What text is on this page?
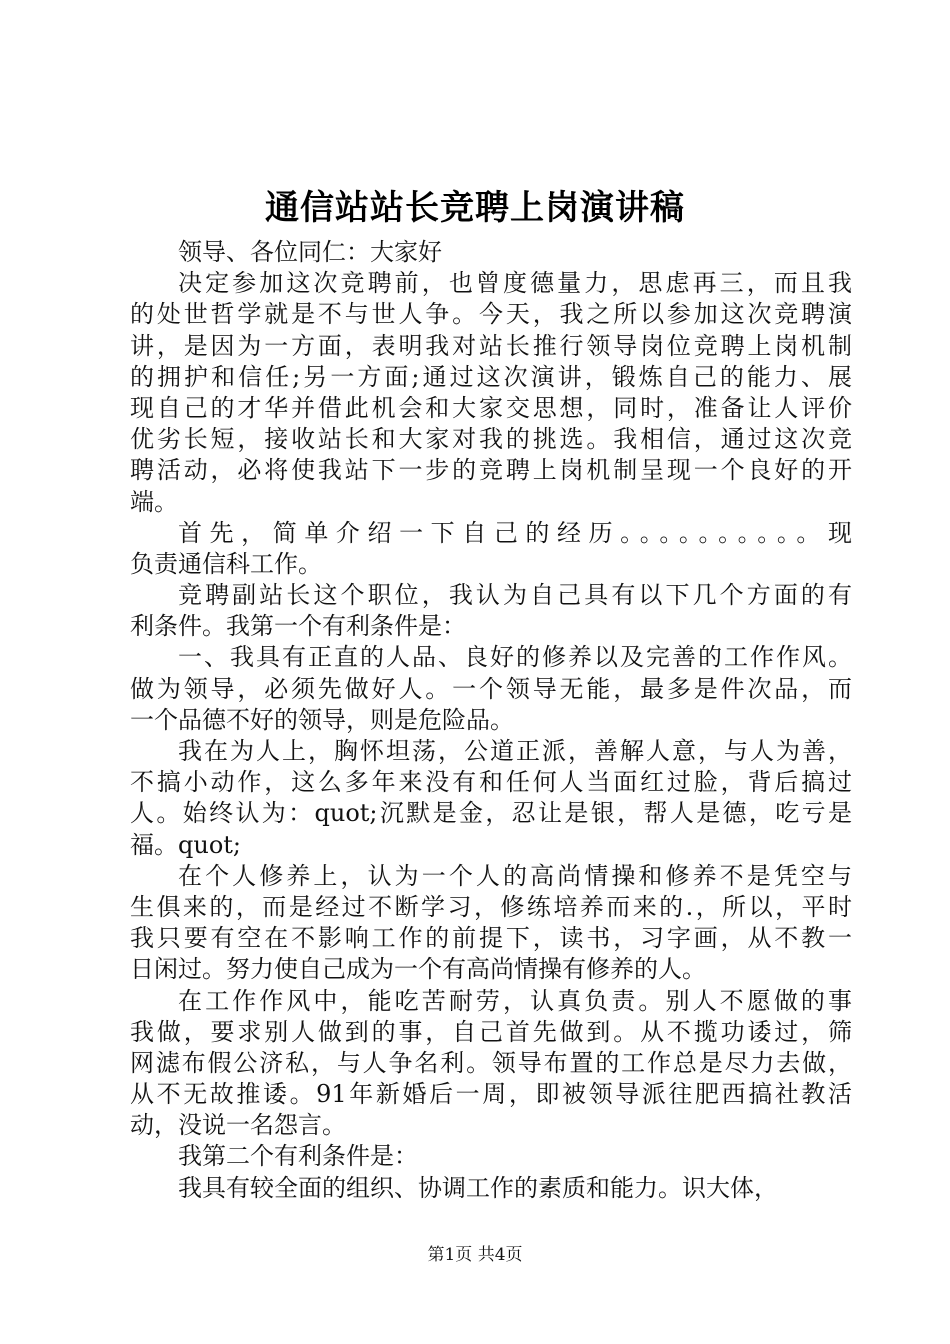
通信站站长竞聘上岗演讲稿
领导、各位同仁：大家好
决定参加这次竞聘前，也曾度德量力，思虑再三，而且我
的处世哲学就是不与世人争。今天，我之所以参加这次竞聘演
讲，是因为一方面，表明我对站长推行领导岗位竞聘上岗机制
的拥护和信任;另一方面;通过这次演讲，锻炼自己的能力、展
现自己的才华并借此机会和大家交思想，同时，准备让人评价
优劣长短，接收站长和大家对我的挑选。我相信，通过这次竞
聘活动，必将使我站下一步的竞聘上岗机制呈现一个良好的开
端。
首先，简单介绍一下自己的经历。。。。。。。。。。现
负责通信科工作。
竞聘副站长这个职位，我认为自己具有以下几个方面的有
利条件。我第一个有利条件是：
一、我具有正直的人品、良好的修养以及完善的工作作风。
做为领导，必须先做好人。一个领导无能，最多是件次品，而
一个品德不好的领导，则是危险品。
我在为人上，胸怀坦荡，公道正派，善解人意，与人为善，
不搞小动作，这么多年来没有和任何人当面红过脸，背后搞过
人。始终认为：quot;沉默是金，忍让是银，帮人是德，吃亏是
福。quot;
在个人修养上，认为一个人的高尚情操和修养不是凭空与
生俱来的，而是经过不断学习，修练培养而来的.，所以，平时
我只要有空在不影响工作的前提下，读书，习字画，从不教一
日闲过。努力使自己成为一个有高尚情操有修养的人。
在工作作风中，能吃苦耐劳，认真负责。别人不愿做的事
我做，要求别人做到的事，自己首先做到。从不揽功诿过，筛
网滤布假公济私，与人争名利。领导布置的工作总是尽力去做，
从不无故推诿。91年新婚后一周，即被领导派往肥西搞社教活
动，没说一名怨言。
我第二个有利条件是：
我具有较全面的组织、协调工作的素质和能力。识大体，
第1页 共4页
